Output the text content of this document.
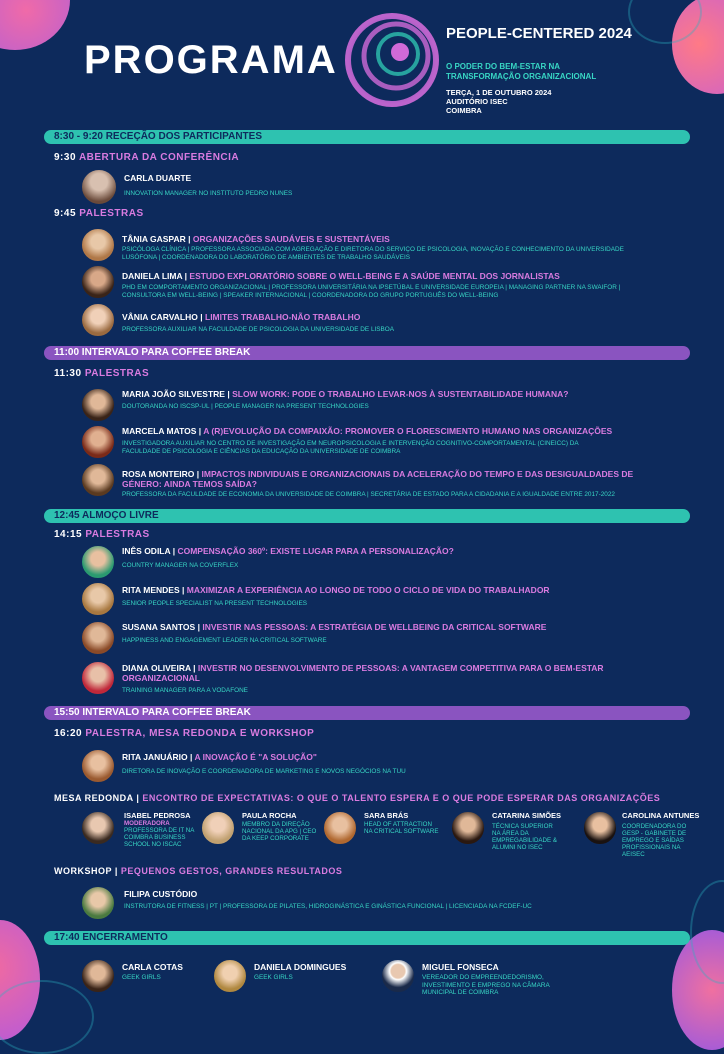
PROGRAMA
PEOPLE-CENTERED 2024
O PODER DO BEM-ESTAR NA TRANSFORMAÇÃO ORGANIZACIONAL
TERÇA, 1 DE OUTUBRO 2024
AUDITÓRIO ISEC
COIMBRA
8:30 - 9:20 RECEÇÃO DOS PARTICIPANTES
9:30 ABERTURA DA CONFERÊNCIA
CARLA DUARTE
INNOVATION MANAGER NO INSTITUTO PEDRO NUNES
9:45 PALESTRAS
TÂNIA GASPAR | ORGANIZAÇÕES SAUDÁVEIS E SUSTENTÁVEIS
PSICÓLOGA CLÍNICA | PROFESSORA ASSOCIADA COM AGREGAÇÃO E DIRETORA DO SERVIÇO DE PSICOLOGIA, INOVAÇÃO E CONHECIMENTO DA UNIVERSIDADE LUSÓFONA | COORDENADORA DO LABORATÓRIO DE AMBIENTES DE TRABALHO SAUDÁVEIS
DANIELA LIMA | ESTUDO EXPLORATÓRIO SOBRE O WELL-BEING E A SAÚDE MENTAL DOS JORNALISTAS
PHD EM COMPORTAMENTO ORGANIZACIONAL | PROFESSORA UNIVERSITÁRIA NA IPSETÚBAL E UNIVERSIDADE EUROPEIA | MANAGING PARTNER NA SWAIFOR | CONSULTORA EM WELL-BEING | SPEAKER INTERNACIONAL | COORDENADORA DO GRUPO PORTUGUÊS DO WELL-BEING
VÂNIA CARVALHO | LIMITES TRABALHO-NÃO TRABALHO
PROFESSORA AUXILIAR NA FACULDADE DE PSICOLOGIA DA UNIVERSIDADE DE LISBOA
11:00 INTERVALO PARA COFFEE BREAK
11:30 PALESTRAS
MARIA JOÃO SILVESTRE | SLOW WORK: PODE O TRABALHO LEVAR-NOS À SUSTENTABILIDADE HUMANA?
DOUTORANDA NO ISCSP-UL | PEOPLE MANAGER NA PRESENT TECHNOLOGIES
MARCELA MATOS | A (R)EVOLUÇÃO DA COMPAIXÃO: PROMOVER O FLORESCIMENTO HUMANO NAS ORGANIZAÇÕES
INVESTIGADORA AUXILIAR NO CENTRO DE INVESTIGAÇÃO EM NEUROPSICOLOGIA E INTERVENÇÃO COGNITIVO-COMPORTAMENTAL (CINEICC) DA FACULDADE DE PSICOLOGIA E CIÊNCIAS DA EDUCAÇÃO DA UNIVERSIDADE DE COIMBRA
ROSA MONTEIRO | IMPACTOS INDIVIDUAIS E ORGANIZACIONAIS DA ACELERAÇÃO DO TEMPO E DAS DESIGUALDADES DE GÉNERO: AINDA TEMOS SAÍDA?
PROFESSORA DA FACULDADE DE ECONOMIA DA UNIVERSIDADE DE COIMBRA | SECRETÁRIA DE ESTADO PARA A CIDADANIA E A IGUALDADE ENTRE 2017-2022
12:45 ALMOÇO LIVRE
14:15 PALESTRAS
INÊS ODILA | COMPENSAÇÃO 360º: EXISTE LUGAR PARA A PERSONALIZAÇÃO?
COUNTRY MANAGER NA COVERFLEX
RITA MENDES | MAXIMIZAR A EXPERIÊNCIA AO LONGO DE TODO O CICLO DE VIDA DO TRABALHADOR
SENIOR PEOPLE SPECIALIST NA PRESENT TECHNOLOGIES
SUSANA SANTOS | INVESTIR NAS PESSOAS: A ESTRATÉGIA DE WELLBEING DA CRITICAL SOFTWARE
HAPPINESS AND ENGAGEMENT LEADER NA CRITICAL SOFTWARE
DIANA OLIVEIRA | INVESTIR NO DESENVOLVIMENTO DE PESSOAS: A VANTAGEM COMPETITIVA PARA O BEM-ESTAR ORGANIZACIONAL
TRAINING MANAGER PARA A VODAFONE
15:50 INTERVALO PARA COFFEE BREAK
16:20 PALESTRA, MESA REDONDA E WORKSHOP
RITA JANUÁRIO | A INOVAÇÃO É "A SOLUÇÃO"
DIRETORA DE INOVAÇÃO E COORDENADORA DE MARKETING E NOVOS NEGÓCIOS NA TUU
MESA REDONDA | ENCONTRO DE EXPECTATIVAS: O QUE O TALENTO ESPERA E O QUE PODE ESPERAR DAS ORGANIZAÇÕES
ISABEL PEDROSA
MODERADORA
PROFESSORA DE IT NA COIMBRA BUSINESS SCHOOL NO ISCAC
PAULA ROCHA
MEMBRO DA DIREÇÃO NACIONAL DA APG | CEO DA KEEP CORPORATE
SARA BRÁS
HEAD OF ATTRACTION NA CRITICAL SOFTWARE
CATARINA SIMÕES
TÉCNICA SUPERIOR NA ÁREA DA EMPREGABILIDADE & ALUMNI NO ISEC
CAROLINA ANTUNES
COORDENADORA DO GESP - GABINETE DE EMPREGO E SAÍDAS PROFISSIONAIS NA AEISEC
WORKSHOP | PEQUENOS GESTOS, GRANDES RESULTADOS
FILIPA CUSTÓDIO
INSTRUTORA DE FITNESS | PT | PROFESSORA DE PILATES, HIDROGINÁSTICA E GINÁSTICA FUNCIONAL | LICENCIADA NA FCDEF-UC
17:40 ENCERRAMENTO
CARLA COTAS
GEEK GIRLS
DANIELA DOMINGUES
GEEK GIRLS
MIGUEL FONSECA
VEREADOR DO EMPREENDEDORISMO, INVESTIMENTO E EMPREGO NA CÂMARA MUNICIPAL DE COIMBRA
